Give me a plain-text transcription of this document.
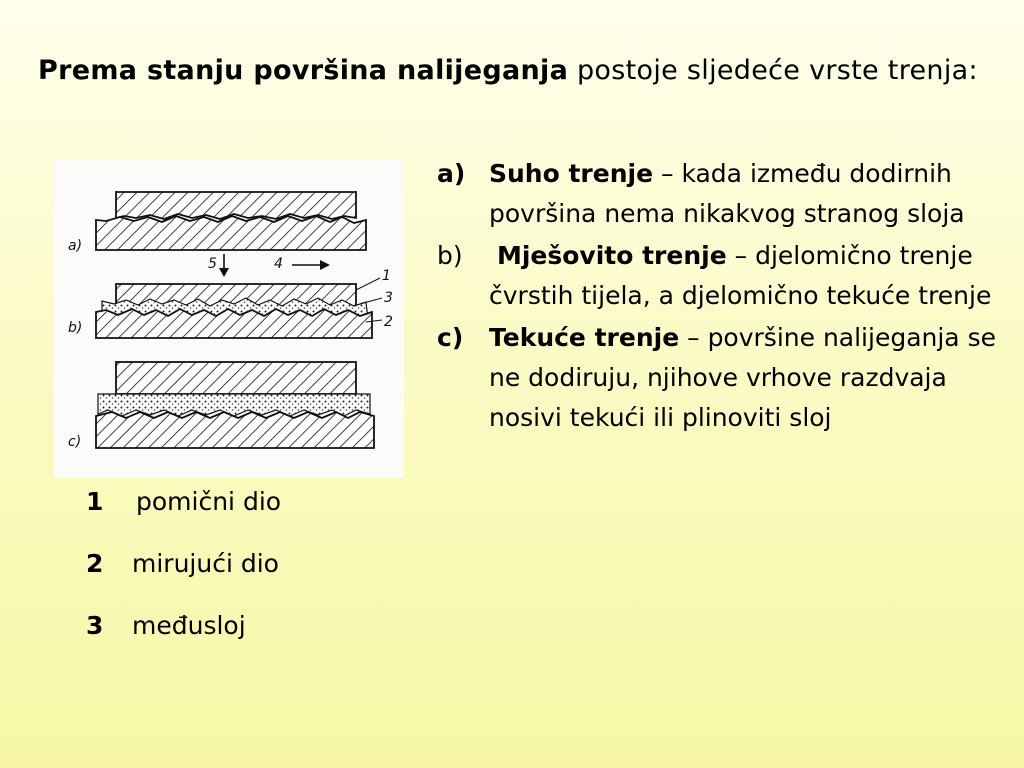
Prema stanju površina nalijeganja postoje sljedeće vrste trenja:
a)
5	4
b)
1
3
2
c)
1 pomični dio
2 mirujući dio
3 međusloj
a) Suho trenje – kada između dodirnih površina nema nikakvog stranog sloja
b) Mješovito trenje – djelomično trenje čvrstih tijela, a djelomično tekuće trenje
c) Tekuće trenje – površine nalijeganja se ne dodiruju, njihove vrhove razdvaja nosivi tekući ili plinoviti sloj
